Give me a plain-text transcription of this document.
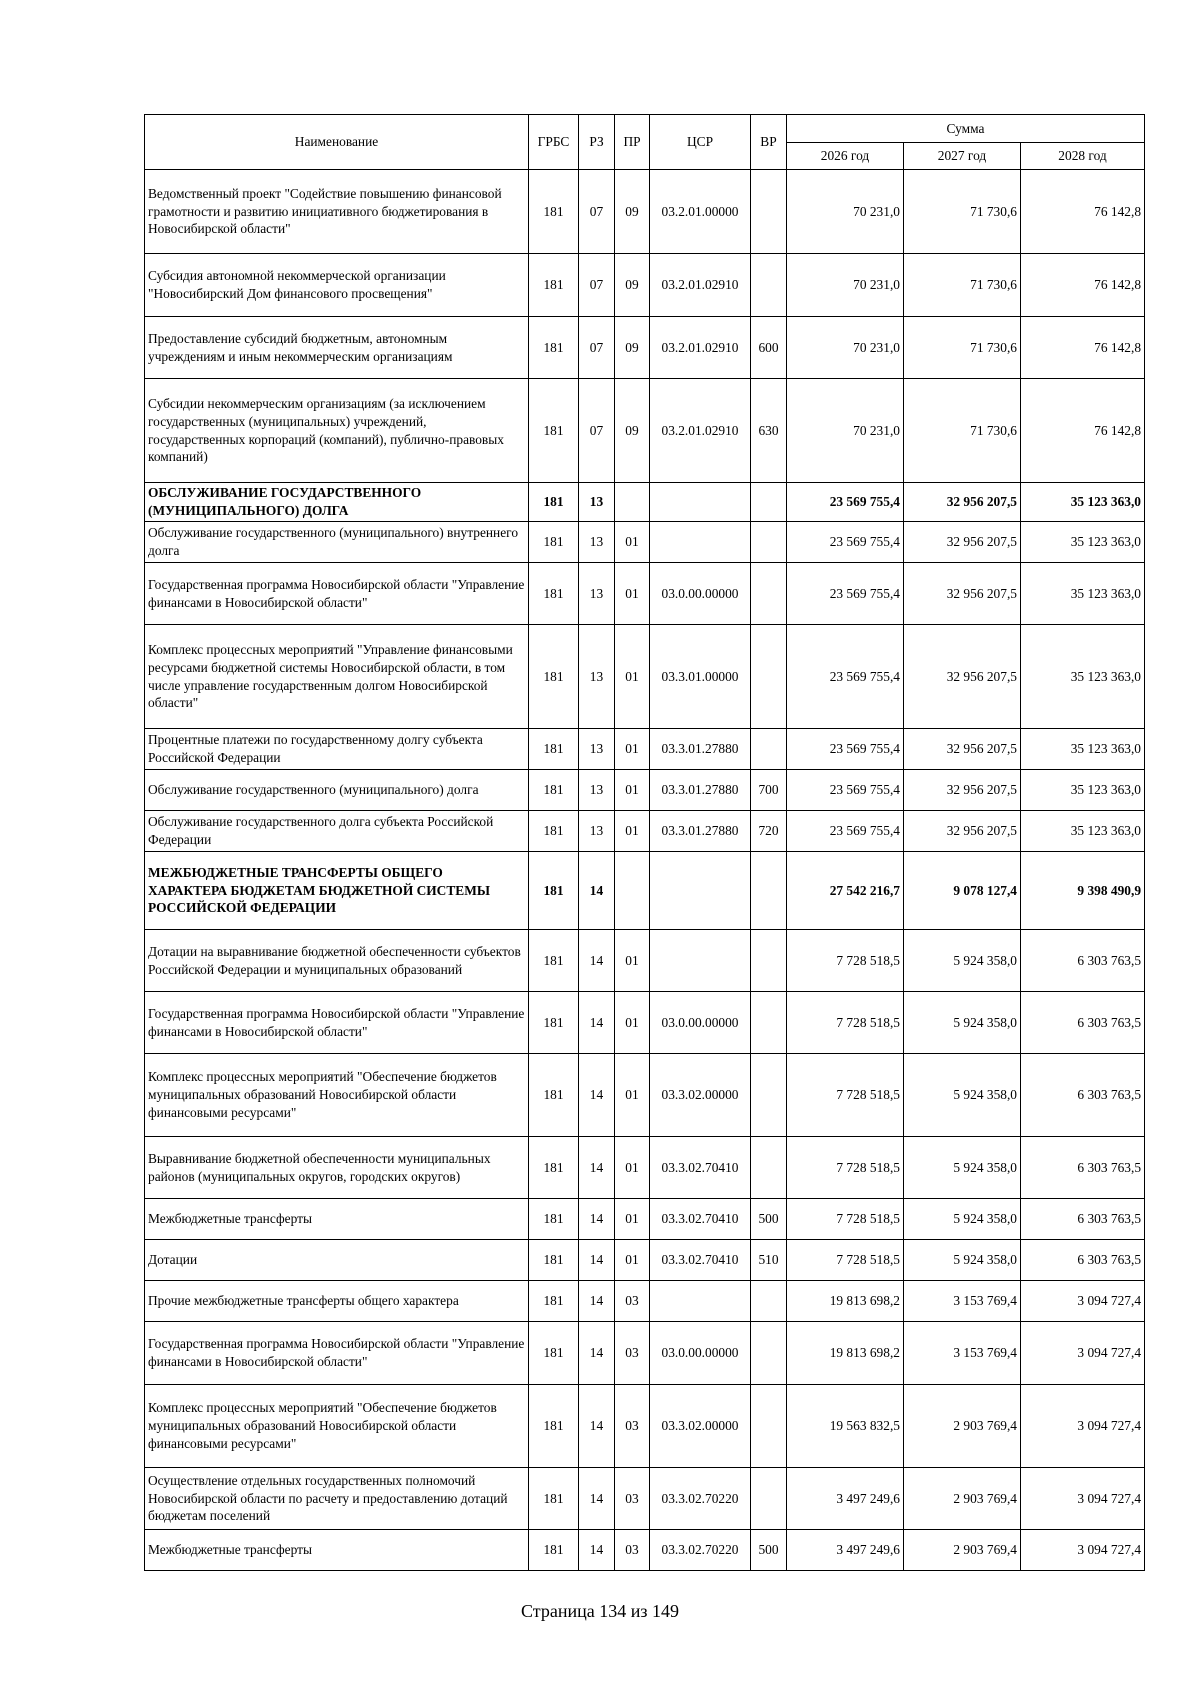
Наименование	ГРБС	РЗ	ПР	ЦСР	ВР	Сумма		
						2026 год	2027 год	2028 год
Ведомственный проект "Содействие повышению финансовой грамотности и развитию инициативного бюджетирования в Новосибирской области"	181	07	09	03.2.01.00000		70 231,0	71 730,6	76 142,8
Субсидия автономной некоммерческой организации "Новосибирский Дом финансового просвещения"	181	07	09	03.2.01.02910		70 231,0	71 730,6	76 142,8
Предоставление субсидий бюджетным, автономным учреждениям и иным некоммерческим организациям	181	07	09	03.2.01.02910	600	70 231,0	71 730,6	76 142,8
Субсидии некоммерческим организациям (за исключением государственных (муниципальных) учреждений, государственных корпораций (компаний), публично-правовых компаний)	181	07	09	03.2.01.02910	630	70 231,0	71 730,6	76 142,8
ОБСЛУЖИВАНИЕ ГОСУДАРСТВЕННОГО (МУНИЦИПАЛЬНОГО) ДОЛГА	181	13				23 569 755,4	32 956 207,5	35 123 363,0
Обслуживание государственного (муниципального) внутреннего долга	181	13	01			23 569 755,4	32 956 207,5	35 123 363,0
Государственная программа Новосибирской области "Управление финансами в Новосибирской области"	181	13	01	03.0.00.00000		23 569 755,4	32 956 207,5	35 123 363,0
Комплекс процессных мероприятий "Управление финансовыми ресурсами бюджетной системы Новосибирской области, в том числе управление государственным долгом Новосибирской области"	181	13	01	03.3.01.00000		23 569 755,4	32 956 207,5	35 123 363,0
Процентные платежи по государственному долгу субъекта Российской Федерации	181	13	01	03.3.01.27880		23 569 755,4	32 956 207,5	35 123 363,0
Обслуживание государственного (муниципального) долга	181	13	01	03.3.01.27880	700	23 569 755,4	32 956 207,5	35 123 363,0
Обслуживание государственного долга субъекта Российской Федерации	181	13	01	03.3.01.27880	720	23 569 755,4	32 956 207,5	35 123 363,0
МЕЖБЮДЖЕТНЫЕ ТРАНСФЕРТЫ ОБЩЕГО ХАРАКТЕРА БЮДЖЕТАМ БЮДЖЕТНОЙ СИСТЕМЫ РОССИЙСКОЙ ФЕДЕРАЦИИ	181	14				27 542 216,7	9 078 127,4	9 398 490,9
Дотации на выравнивание бюджетной обеспеченности субъектов Российской Федерации и муниципальных образований	181	14	01			7 728 518,5	5 924 358,0	6 303 763,5
Государственная программа Новосибирской области "Управление финансами в Новосибирской области"	181	14	01	03.0.00.00000		7 728 518,5	5 924 358,0	6 303 763,5
Комплекс процессных мероприятий "Обеспечение бюджетов муниципальных образований Новосибирской области финансовыми ресурсами"	181	14	01	03.3.02.00000		7 728 518,5	5 924 358,0	6 303 763,5
Выравнивание бюджетной обеспеченности муниципальных районов (муниципальных округов, городских округов)	181	14	01	03.3.02.70410		7 728 518,5	5 924 358,0	6 303 763,5
Межбюджетные трансферты	181	14	01	03.3.02.70410	500	7 728 518,5	5 924 358,0	6 303 763,5
Дотации	181	14	01	03.3.02.70410	510	7 728 518,5	5 924 358,0	6 303 763,5
Прочие межбюджетные трансферты общего характера	181	14	03			19 813 698,2	3 153 769,4	3 094 727,4
Государственная программа Новосибирской области "Управление финансами в Новосибирской области"	181	14	03	03.0.00.00000		19 813 698,2	3 153 769,4	3 094 727,4
Комплекс процессных мероприятий "Обеспечение бюджетов муниципальных образований Новосибирской области финансовыми ресурсами"	181	14	03	03.3.02.00000		19 563 832,5	2 903 769,4	3 094 727,4
Осуществление отдельных государственных полномочий Новосибирской области по расчету и предоставлению дотаций бюджетам поселений	181	14	03	03.3.02.70220		3 497 249,6	2 903 769,4	3 094 727,4
Межбюджетные трансферты	181	14	03	03.3.02.70220	500	3 497 249,6	2 903 769,4	3 094 727,4
Страница 134 из 149
